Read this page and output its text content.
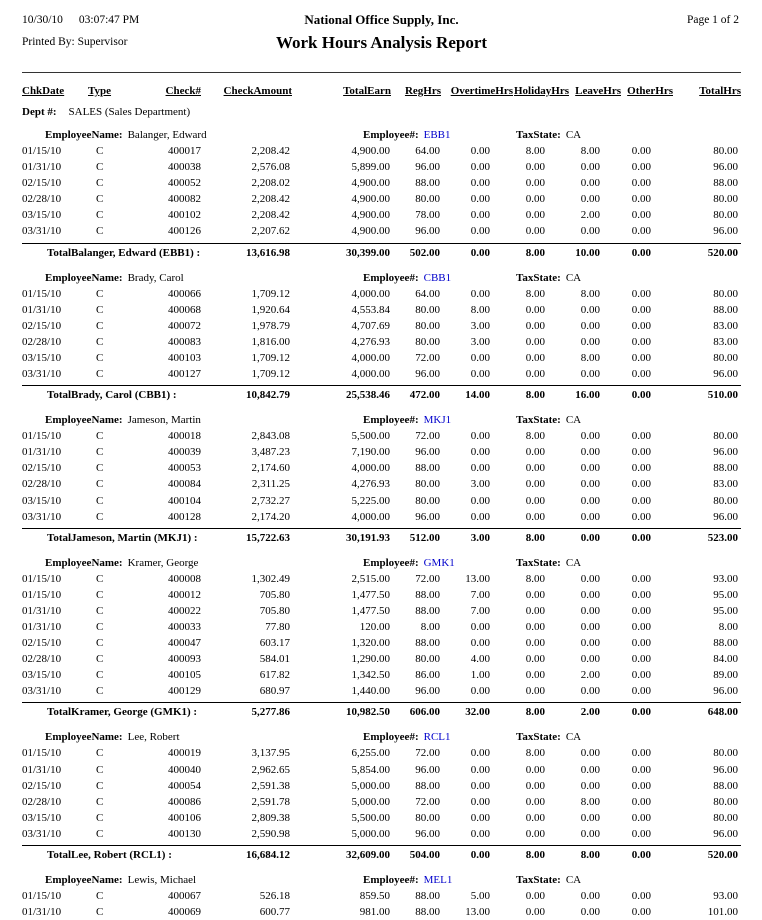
10/30/10 03:07:47 PM
Printed By: Supervisor
National Office Supply, Inc.
Work Hours Analysis Report
Page 1 of 2
ChkDate	Type	Check#	CheckAmount	TotalEarn	RegHrs OvertimeHrs HolidayHrs LeaveHrs OtherHrs	TotalHrs
Dept #: SALES (Sales Department)
EmployeeName: Balanger, Edward	Employee#: EBB1	TaxState: CA
01/15/10	C	400017	2,208.42	4,900.00	64.00	0.00	8.00	8.00	0.00	80.00
01/31/10	C	400038	2,576.08	5,899.00	96.00	0.00	0.00	0.00	0.00	96.00
02/15/10	C	400052	2,208.02	4,900.00	88.00	0.00	0.00	0.00	0.00	88.00
02/28/10	C	400082	2,208.42	4,900.00	80.00	0.00	0.00	0.00	0.00	80.00
03/15/10	C	400102	2,208.42	4,900.00	78.00	0.00	0.00	2.00	0.00	80.00
03/31/10	C	400126	2,207.62	4,900.00	96.00	0.00	0.00	0.00	0.00	96.00
TotalBalanger, Edward (EBB1) :	13,616.98	30,399.00	502.00	0.00	8.00	10.00	0.00	520.00
EmployeeName: Brady, Carol	Employee#: CBB1	TaxState: CA
01/15/10	C	400066	1,709.12	4,000.00	64.00	0.00	8.00	8.00	0.00	80.00
01/31/10	C	400068	1,920.64	4,553.84	80.00	8.00	0.00	0.00	0.00	88.00
02/15/10	C	400072	1,978.79	4,707.69	80.00	3.00	0.00	0.00	0.00	83.00
02/28/10	C	400083	1,816.00	4,276.93	80.00	3.00	0.00	0.00	0.00	83.00
03/15/10	C	400103	1,709.12	4,000.00	72.00	0.00	0.00	8.00	0.00	80.00
03/31/10	C	400127	1,709.12	4,000.00	96.00	0.00	0.00	0.00	0.00	96.00
TotalBrady, Carol (CBB1) :	10,842.79	25,538.46	472.00	14.00	8.00	16.00	0.00	510.00
EmployeeName: Jameson, Martin	Employee#: MKJ1	TaxState: CA
01/15/10	C	400018	2,843.08	5,500.00	72.00	0.00	8.00	0.00	0.00	80.00
01/31/10	C	400039	3,487.23	7,190.00	96.00	0.00	0.00	0.00	0.00	96.00
02/15/10	C	400053	2,174.60	4,000.00	88.00	0.00	0.00	0.00	0.00	88.00
02/28/10	C	400084	2,311.25	4,276.93	80.00	3.00	0.00	0.00	0.00	83.00
03/15/10	C	400104	2,732.27	5,225.00	80.00	0.00	0.00	0.00	0.00	80.00
03/31/10	C	400128	2,174.20	4,000.00	96.00	0.00	0.00	0.00	0.00	96.00
TotalJameson, Martin (MKJ1) :	15,722.63	30,191.93	512.00	3.00	8.00	0.00	0.00	523.00
EmployeeName: Kramer, George	Employee#: GMK1	TaxState: CA
01/15/10	C	400008	1,302.49	2,515.00	72.00	13.00	8.00	0.00	0.00	93.00
01/15/10	C	400012	705.80	1,477.50	88.00	7.00	0.00	0.00	0.00	95.00
01/31/10	C	400022	705.80	1,477.50	88.00	7.00	0.00	0.00	0.00	95.00
01/31/10	C	400033	77.80	120.00	8.00	0.00	0.00	0.00	0.00	8.00
02/15/10	C	400047	603.17	1,320.00	88.00	0.00	0.00	0.00	0.00	88.00
02/28/10	C	400093	584.01	1,290.00	80.00	4.00	0.00	0.00	0.00	84.00
03/15/10	C	400105	617.82	1,342.50	86.00	1.00	0.00	2.00	0.00	89.00
03/31/10	C	400129	680.97	1,440.00	96.00	0.00	0.00	0.00	0.00	96.00
TotalKramer, George (GMK1) :	5,277.86	10,982.50	606.00	32.00	8.00	2.00	0.00	648.00
EmployeeName: Lee, Robert	Employee#: RCL1	TaxState: CA
01/15/10	C	400019	3,137.95	6,255.00	72.00	0.00	8.00	0.00	0.00	80.00
01/31/10	C	400040	2,962.65	5,854.00	96.00	0.00	0.00	0.00	0.00	96.00
02/15/10	C	400054	2,591.38	5,000.00	88.00	0.00	0.00	0.00	0.00	88.00
02/28/10	C	400086	2,591.78	5,000.00	72.00	0.00	0.00	8.00	0.00	80.00
03/15/10	C	400106	2,809.38	5,500.00	80.00	0.00	0.00	0.00	0.00	80.00
03/31/10	C	400130	2,590.98	5,000.00	96.00	0.00	0.00	0.00	0.00	96.00
TotalLee, Robert (RCL1) :	16,684.12	32,609.00	504.00	0.00	8.00	8.00	0.00	520.00
EmployeeName: Lewis, Michael	Employee#: MEL1	TaxState: CA
01/15/10	C	400067	526.18	859.50	88.00	5.00	0.00	0.00	0.00	93.00
01/31/10	C	400069	600.77	981.00	88.00	13.00	0.00	0.00	0.00	101.00
